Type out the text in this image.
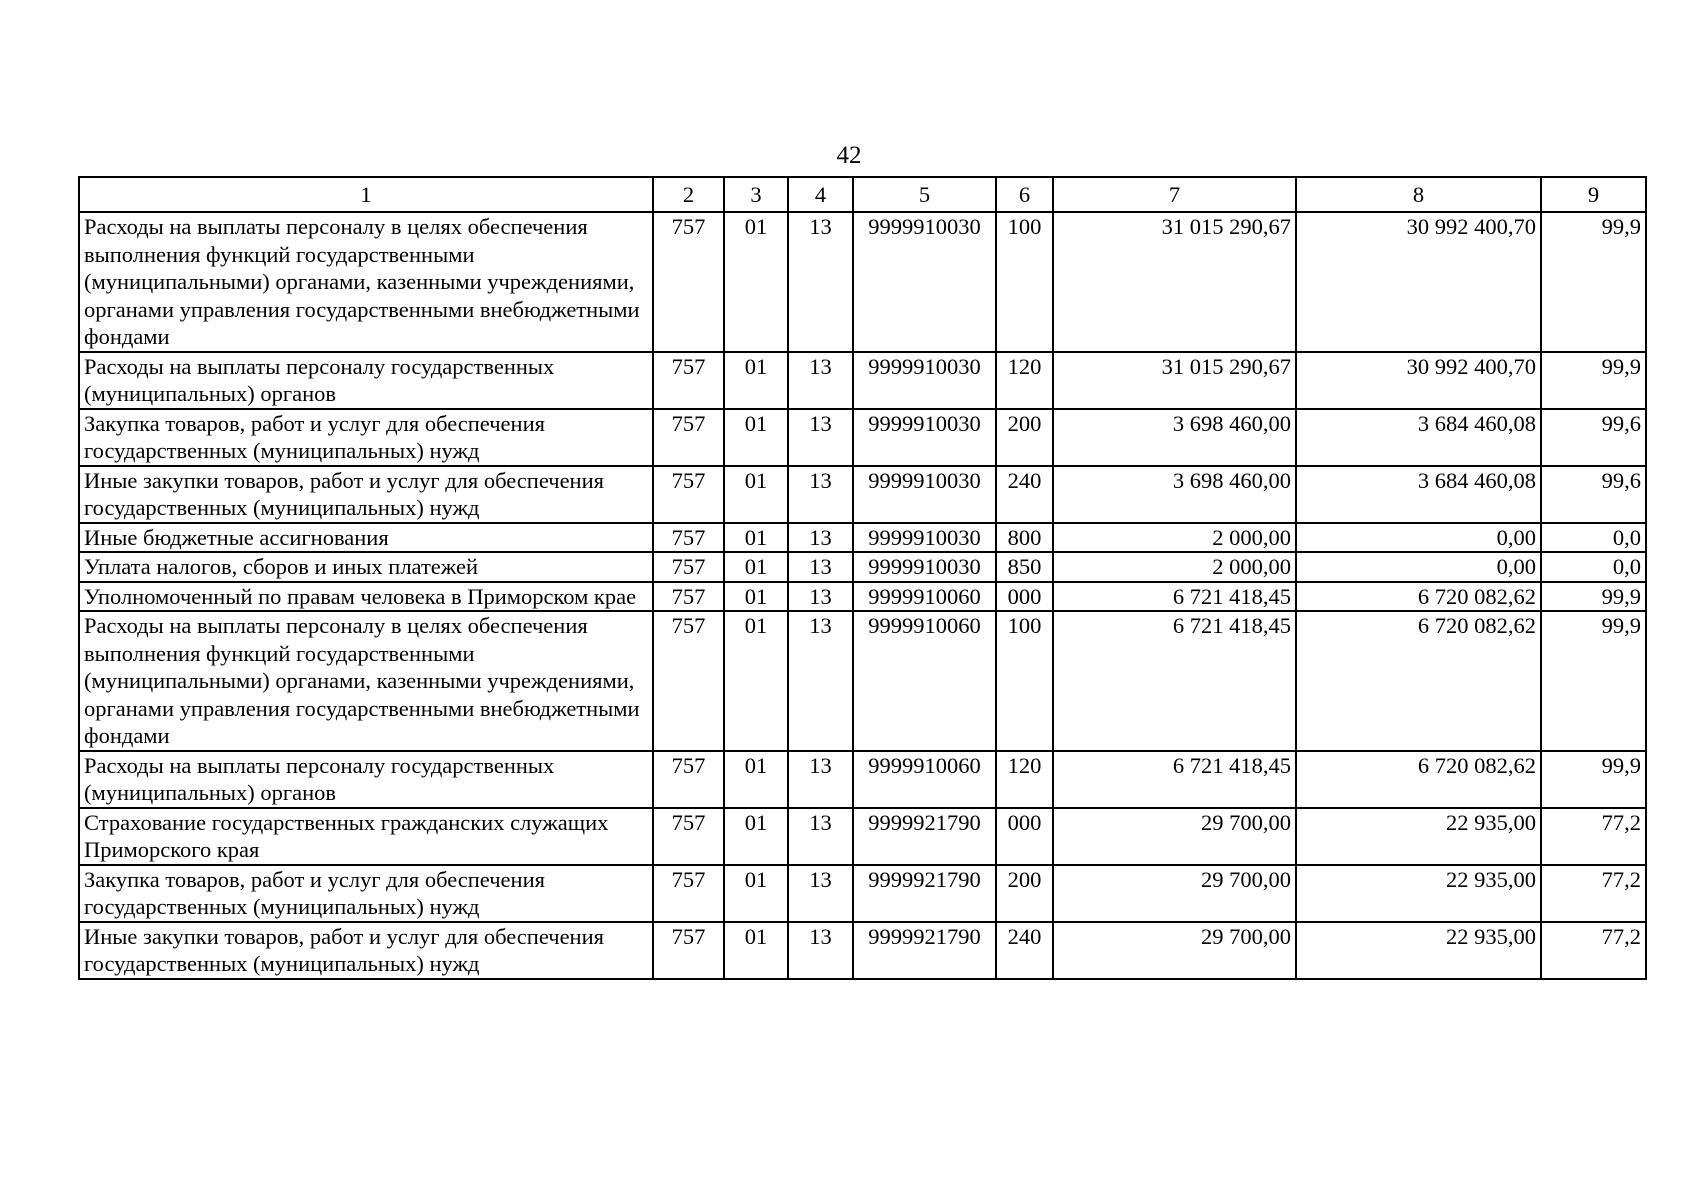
42
1	2	3	4	5	6	7	8	9
Расходы на выплаты персоналу в целях обеспечения выполнения функций государственными (муниципальными) органами, казенными учреждениями, органами управления государственными внебюджетными фондами	757	01	13	9999910030	100	31 015 290,67	30 992 400,70	99,9
Расходы на выплаты персоналу государственных (муниципальных) органов	757	01	13	9999910030	120	31 015 290,67	30 992 400,70	99,9
Закупка товаров, работ и услуг для обеспечения государственных (муниципальных) нужд	757	01	13	9999910030	200	3 698 460,00	3 684 460,08	99,6
Иные закупки товаров, работ и услуг для обеспечения государственных (муниципальных) нужд	757	01	13	9999910030	240	3 698 460,00	3 684 460,08	99,6
Иные бюджетные ассигнования	757	01	13	9999910030	800	2 000,00	0,00	0,0
Уплата налогов, сборов и иных платежей	757	01	13	9999910030	850	2 000,00	0,00	0,0
Уполномоченный по правам человека в Приморском крае	757	01	13	9999910060	000	6 721 418,45	6 720 082,62	99,9
Расходы на выплаты персоналу в целях обеспечения выполнения функций государственными (муниципальными) органами, казенными учреждениями, органами управления государственными внебюджетными фондами	757	01	13	9999910060	100	6 721 418,45	6 720 082,62	99,9
Расходы на выплаты персоналу государственных (муниципальных) органов	757	01	13	9999910060	120	6 721 418,45	6 720 082,62	99,9
Страхование государственных гражданских служащих Приморского края	757	01	13	9999921790	000	29 700,00	22 935,00	77,2
Закупка товаров, работ и услуг для обеспечения государственных (муниципальных) нужд	757	01	13	9999921790	200	29 700,00	22 935,00	77,2
Иные закупки товаров, работ и услуг для обеспечения государственных (муниципальных) нужд	757	01	13	9999921790	240	29 700,00	22 935,00	77,2
